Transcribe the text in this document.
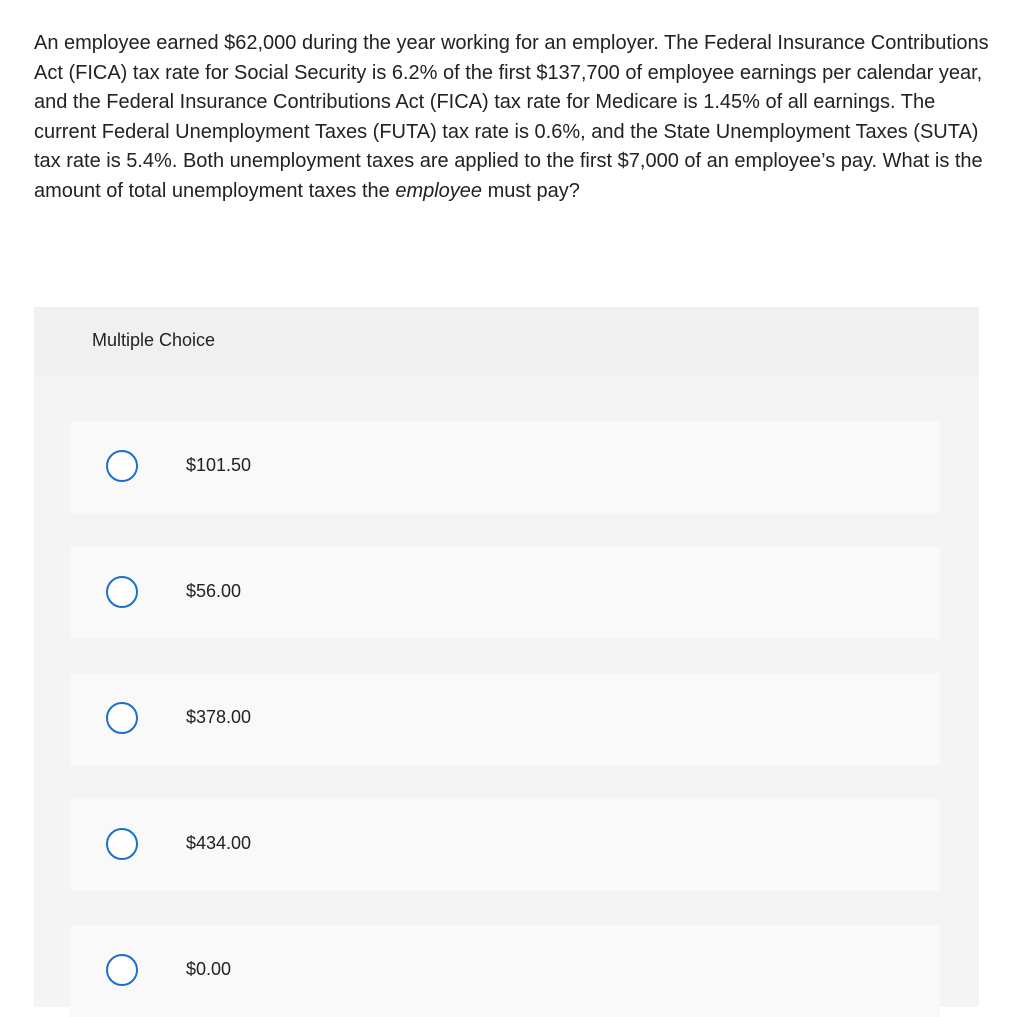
An employee earned $62,000 during the year working for an employer. The Federal Insurance Contributions Act (FICA) tax rate for Social Security is 6.2% of the first $137,700 of employee earnings per calendar year, and the Federal Insurance Contributions Act (FICA) tax rate for Medicare is 1.45% of all earnings. The current Federal Unemployment Taxes (FUTA) tax rate is 0.6%, and the State Unemployment Taxes (SUTA) tax rate is 5.4%. Both unemployment taxes are applied to the first $7,000 of an employee’s pay. What is the amount of total unemployment taxes the employee must pay?

Multiple Choice
$101.50
$56.00
$378.00
$434.00
$0.00
